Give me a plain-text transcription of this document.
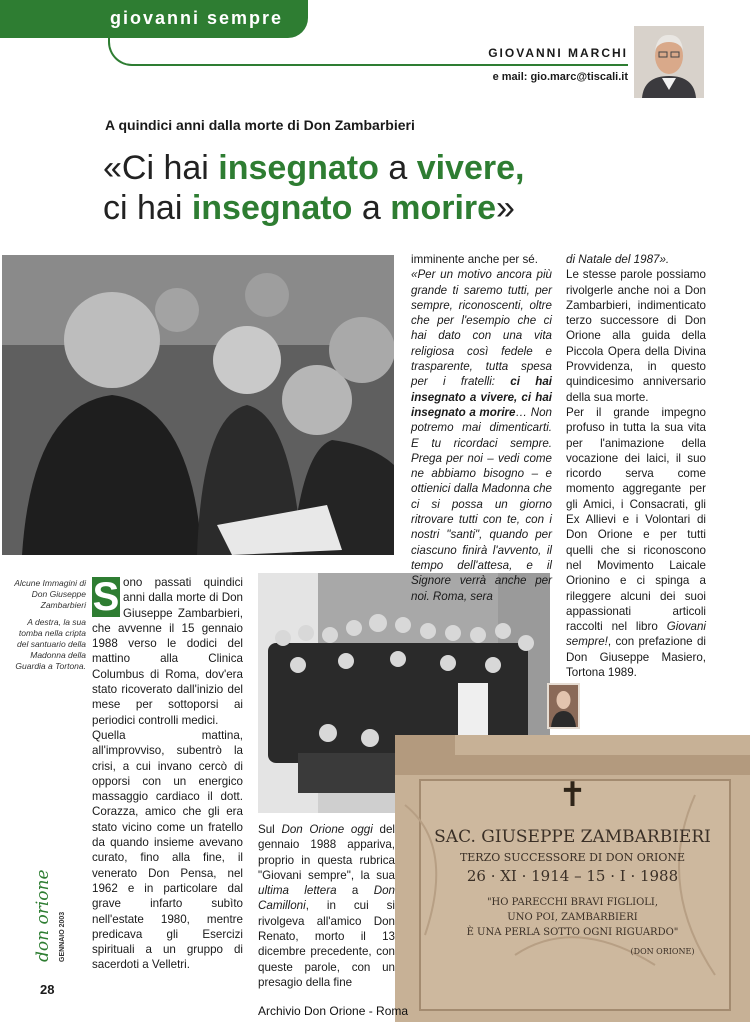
giovanni sempre
GIOVANNI MARCHI
e mail: gio.marc@tiscali.it
A quindici anni dalla morte di Don Zambarbieri
«Ci hai insegnato a vivere,
ci hai insegnato a morire»
Alcune Immagini di Don Giuseppe Zambarbieri
A destra, la sua tomba nella cripta del santuario della Madonna della Guardia a Tortona.
S ono passati quindici anni dalla morte di Don Giuseppe Zambarbieri, che avvenne il 15 gennaio 1988 verso le dodici del mattino alla Clinica Columbus di Roma, dov'era stato ricoverato dall'inizio del mese per sottoporsi ai periodici controlli medici.

Quella mattina, all'improvviso, subentrò la crisi, a cui invano cercò di opporsi con un energico massaggio cardiaco il dott. Corazza, amico che gli era stato vicino come un fratello da quando insieme avevano curato, fino alla fine, il venerato Don Pensa, nel 1962 e in particolare dal grave infarto subìto nell'estate 1980, mentre predicava gli Esercizi spirituali a un gruppo di sacerdoti a Velletri.

Sul Don Orione oggi del gennaio 1988 appariva, proprio in questa rubrica "Giovani sempre", la sua ultima lettera a Don Camilloni, in cui si rivolgeva all'amico Don Renato, morto il 13 dicembre precedente, con queste parole, con un presagio della fine

imminente anche per sé.

«Per un motivo ancora più grande ti saremo tutti, per sempre, riconoscenti, oltre che per l'esempio che ci hai dato con una vita religiosa così fedele e trasparente, tutta spesa per i fratelli: ci hai insegnato a vivere, ci hai insegnato a morire… Non potremo mai dimenticarti. E tu ricordaci sempre. Prega per noi – vedi come ne abbiamo bisogno – e ottienici dalla Madonna che ci si possa un giorno ritrovare tutti con te, con i nostri "santi", quando per ciascuno finirà l'avvento, il tempo dell'attesa, e il Signore verrà anche per noi. Roma, sera

di Natale del 1987».

Le stesse parole possiamo rivolgerle anche noi a Don Zambarbieri, indimenticato terzo successore di Don Orione alla guida della Piccola Opera della Divina Provvidenza, in questo quindicesimo anniversario della sua morte.

Per il grande impegno profuso in tutta la sua vita per l'animazione della vocazione dei laici, il suo ricordo serva come momento aggregante per gli Amici, i Consacrati, gli Ex Allievi e i Volontari di Don Orione e per tutti quelli che si riconoscono nel Movimento Laicale Orionino e ci spinga a rileggere alcuni dei suoi appassionati articoli raccolti nel libro Giovani sempre!, con prefazione di Don Giuseppe Masiero, Tortona 1989.

✝
SAC. GIUSEPPE ZAMBARBIERI
TERZO SUCCESSORE DI DON ORIONE
26 · XI · 1914 – 15 · I · 1988
"HO PARECCHI BRAVI FIGLIOLI,
UNO POI, ZAMBARBIERI
È UNA PERLA SOTTO OGNI RIGUARDO"
(DON ORIONE)
don orione oggi GENNAIO 2003
28
Archivio Don Orione - Roma
